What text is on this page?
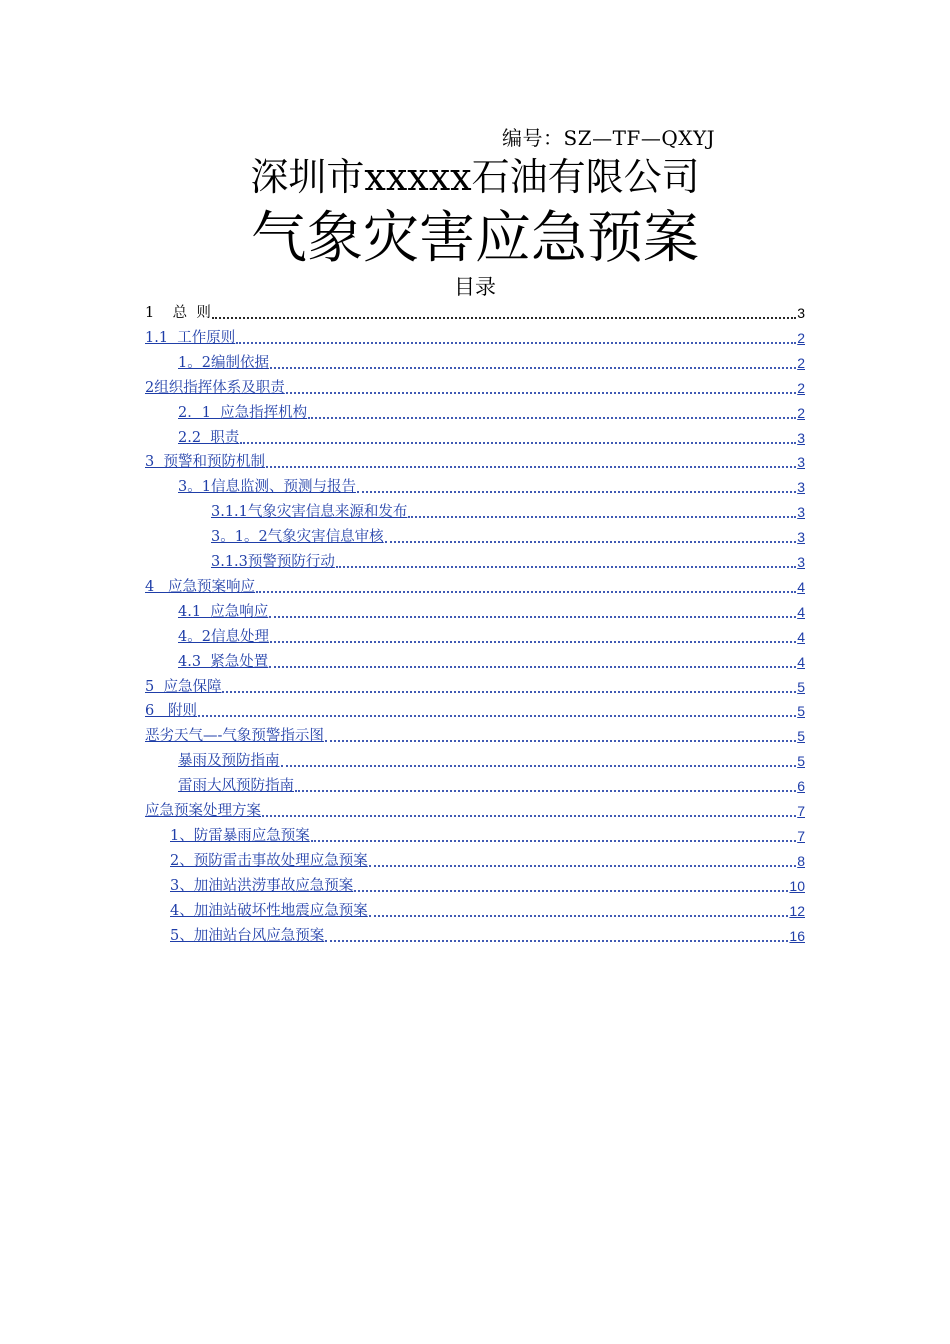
编号：SZ—TF—QXYJ
深圳市xxxxx石油有限公司
气象灾害应急预案
目录
1    总  则	3
1.1  工作原则	2
1。2编制依据	2
2组织指挥体系及职责	2
2．1  应急指挥机构	2
2.2  职责	3
3  预警和预防机制	3
3。1信息监测、预测与报告	3
3.1.1气象灾害信息来源和发布	3
3。1。2气象灾害信息审核	3
3.1.3预警预防行动	3
4   应急预案响应	4
4.1  应急响应	4
4。2信息处理	4
4.3  紧急处置	4
5  应急保障	5
6   附则	5
恶劣天气—-气象预警指示图	5
暴雨及预防指南	5
雷雨大风预防指南	6
应急预案处理方案	7
1、防雷暴雨应急预案	7
2、预防雷击事故处理应急预案	8
3、加油站洪涝事故应急预案	10
4、加油站破坏性地震应急预案	12
5、加油站台风应急预案	16
